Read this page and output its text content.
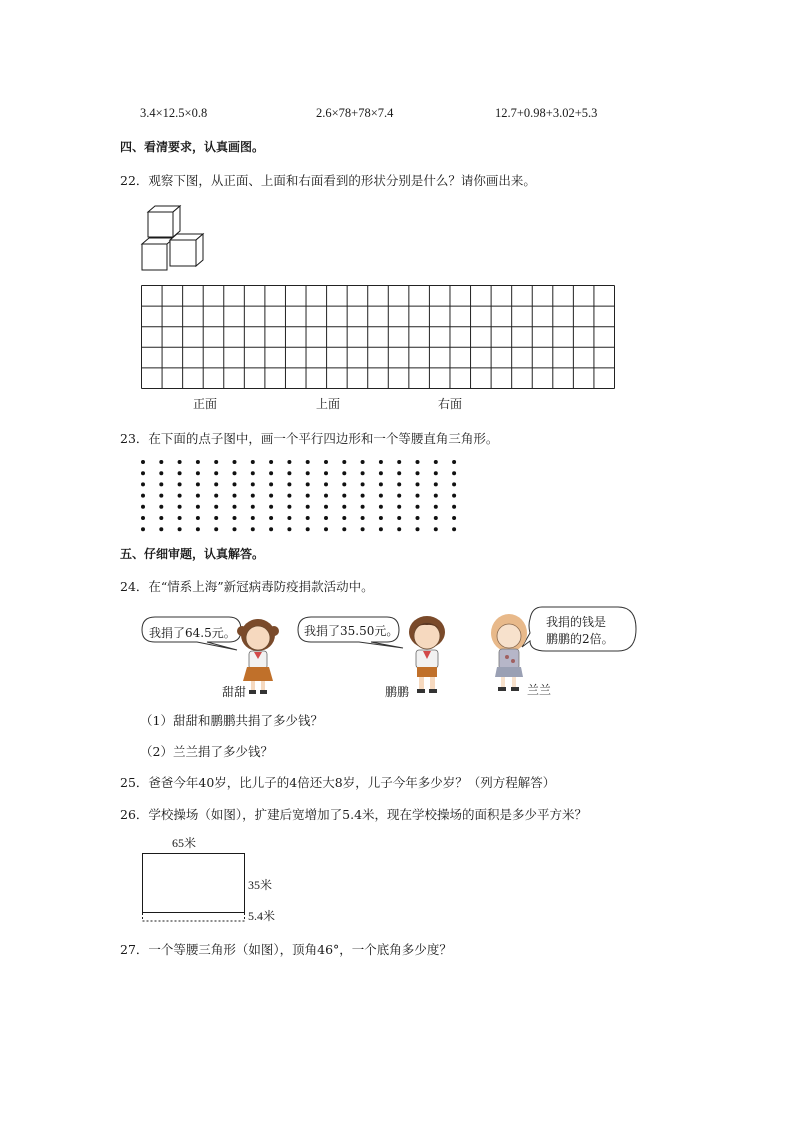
3.4×12.5×0.8	2.6×78+78×7.4	12.7+0.98+3.02+5.3
四、看清要求，认真画图。
22．观察下图，从正面、上面和右面看到的形状分别是什么？请你画出来。
正面	上面	右面
23．在下面的点子图中，画一个平行四边形和一个等腰直角三角形。
五、仔细审题，认真解答。
24．在“情系上海”新冠病毒防疫捐款活动中。
我捐了64.5元。	我捐了35.50元。
我捐的钱是
鹏鹏的2倍。
甜甜	鹏鹏	兰兰
（1）甜甜和鹏鹏共捐了多少钱？
（2）兰兰捐了多少钱？
25．爸爸今年40岁，比儿子的4倍还大8岁，儿子今年多少岁？（列方程解答）
26．学校操场（如图），扩建后宽增加了5.4米，现在学校操场的面积是多少平方米？
65米
35米
5.4米
27．一个等腰三角形（如图），顶角46°，一个底角多少度？
